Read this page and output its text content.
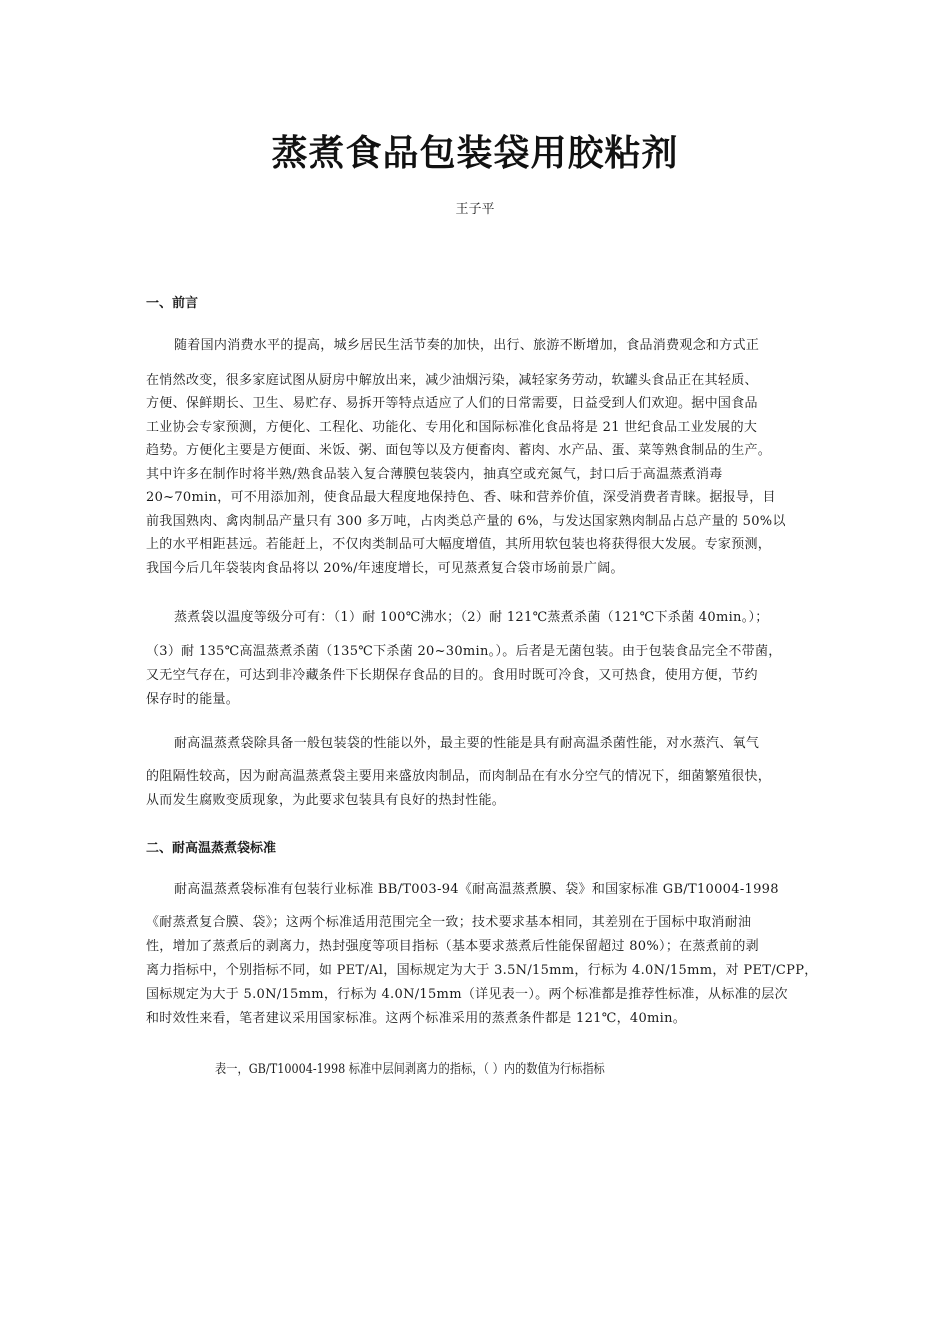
蒸煮食品包装袋用胶粘剂
王子平
一、前言
随着国内消费水平的提高，城乡居民生活节奏的加快，出行、旅游不断增加，食品消费观念和方式正
在悄然改变，很多家庭试图从厨房中解放出来，减少油烟污染，减轻家务劳动，软罐头食品正在其轻质、
方便、保鲜期长、卫生、易贮存、易拆开等特点适应了人们的日常需要，日益受到人们欢迎。据中国食品
工业协会专家预测，方便化、工程化、功能化、专用化和国际标准化食品将是 21 世纪食品工业发展的大
趋势。方便化主要是方便面、米饭、粥、面包等以及方便畜肉、蓄肉、水产品、蛋、菜等熟食制品的生产。
其中许多在制作时将半熟/熟食品装入复合薄膜包装袋内，抽真空或充氮气，封口后于高温蒸煮消毒
20~70min，可不用添加剂，使食品最大程度地保持色、香、味和营养价值，深受消费者青睐。据报导，目
前我国熟肉、禽肉制品产量只有 300 多万吨，占肉类总产量的 6%，与发达国家熟肉制品占总产量的 50%以
上的水平相距甚远。若能赶上，不仅肉类制品可大幅度增值，其所用软包装也将获得很大发展。专家预测，
我国今后几年袋装肉食品将以 20%/年速度增长，可见蒸煮复合袋市场前景广阔。
蒸煮袋以温度等级分可有：（1）耐 100℃沸水；（2）耐 121℃蒸煮杀菌（121℃下杀菌 40min。）；
（3）耐 135℃高温蒸煮杀菌（135℃下杀菌 20~30min。）。后者是无菌包装。由于包装食品完全不带菌，
又无空气存在，可达到非冷藏条件下长期保存食品的目的。食用时既可冷食，又可热食，使用方便，节约
保存时的能量。
耐高温蒸煮袋除具备一般包装袋的性能以外，最主要的性能是具有耐高温杀菌性能，对水蒸汽、氧气
的阻隔性较高，因为耐高温蒸煮袋主要用来盛放肉制品，而肉制品在有水分空气的情况下，细菌繁殖很快，
从而发生腐败变质现象，为此要求包装具有良好的热封性能。
二、耐高温蒸煮袋标准
耐高温蒸煮袋标准有包装行业标准 BB/T003-94《耐高温蒸煮膜、袋》和国家标准 GB/T10004-1998
《耐蒸煮复合膜、袋》；这两个标准适用范围完全一致；技术要求基本相同，其差别在于国标中取消耐油
性，增加了蒸煮后的剥离力，热封强度等项目指标（基本要求蒸煮后性能保留超过 80%）；在蒸煮前的剥
离力指标中，个别指标不同，如 PET/Al，国标规定为大于 3.5N/15mm，行标为 4.0N/15mm，对 PET/CPP，
国标规定为大于 5.0N/15mm，行标为 4.0N/15mm（详见表一）。两个标准都是推荐性标准，从标准的层次
和时效性来看，笔者建议采用国家标准。这两个标准采用的蒸煮条件都是 121℃，40min。
表一，GB/T10004-1998 标准中层间剥离力的指标，（ ）内的数值为行标指标
